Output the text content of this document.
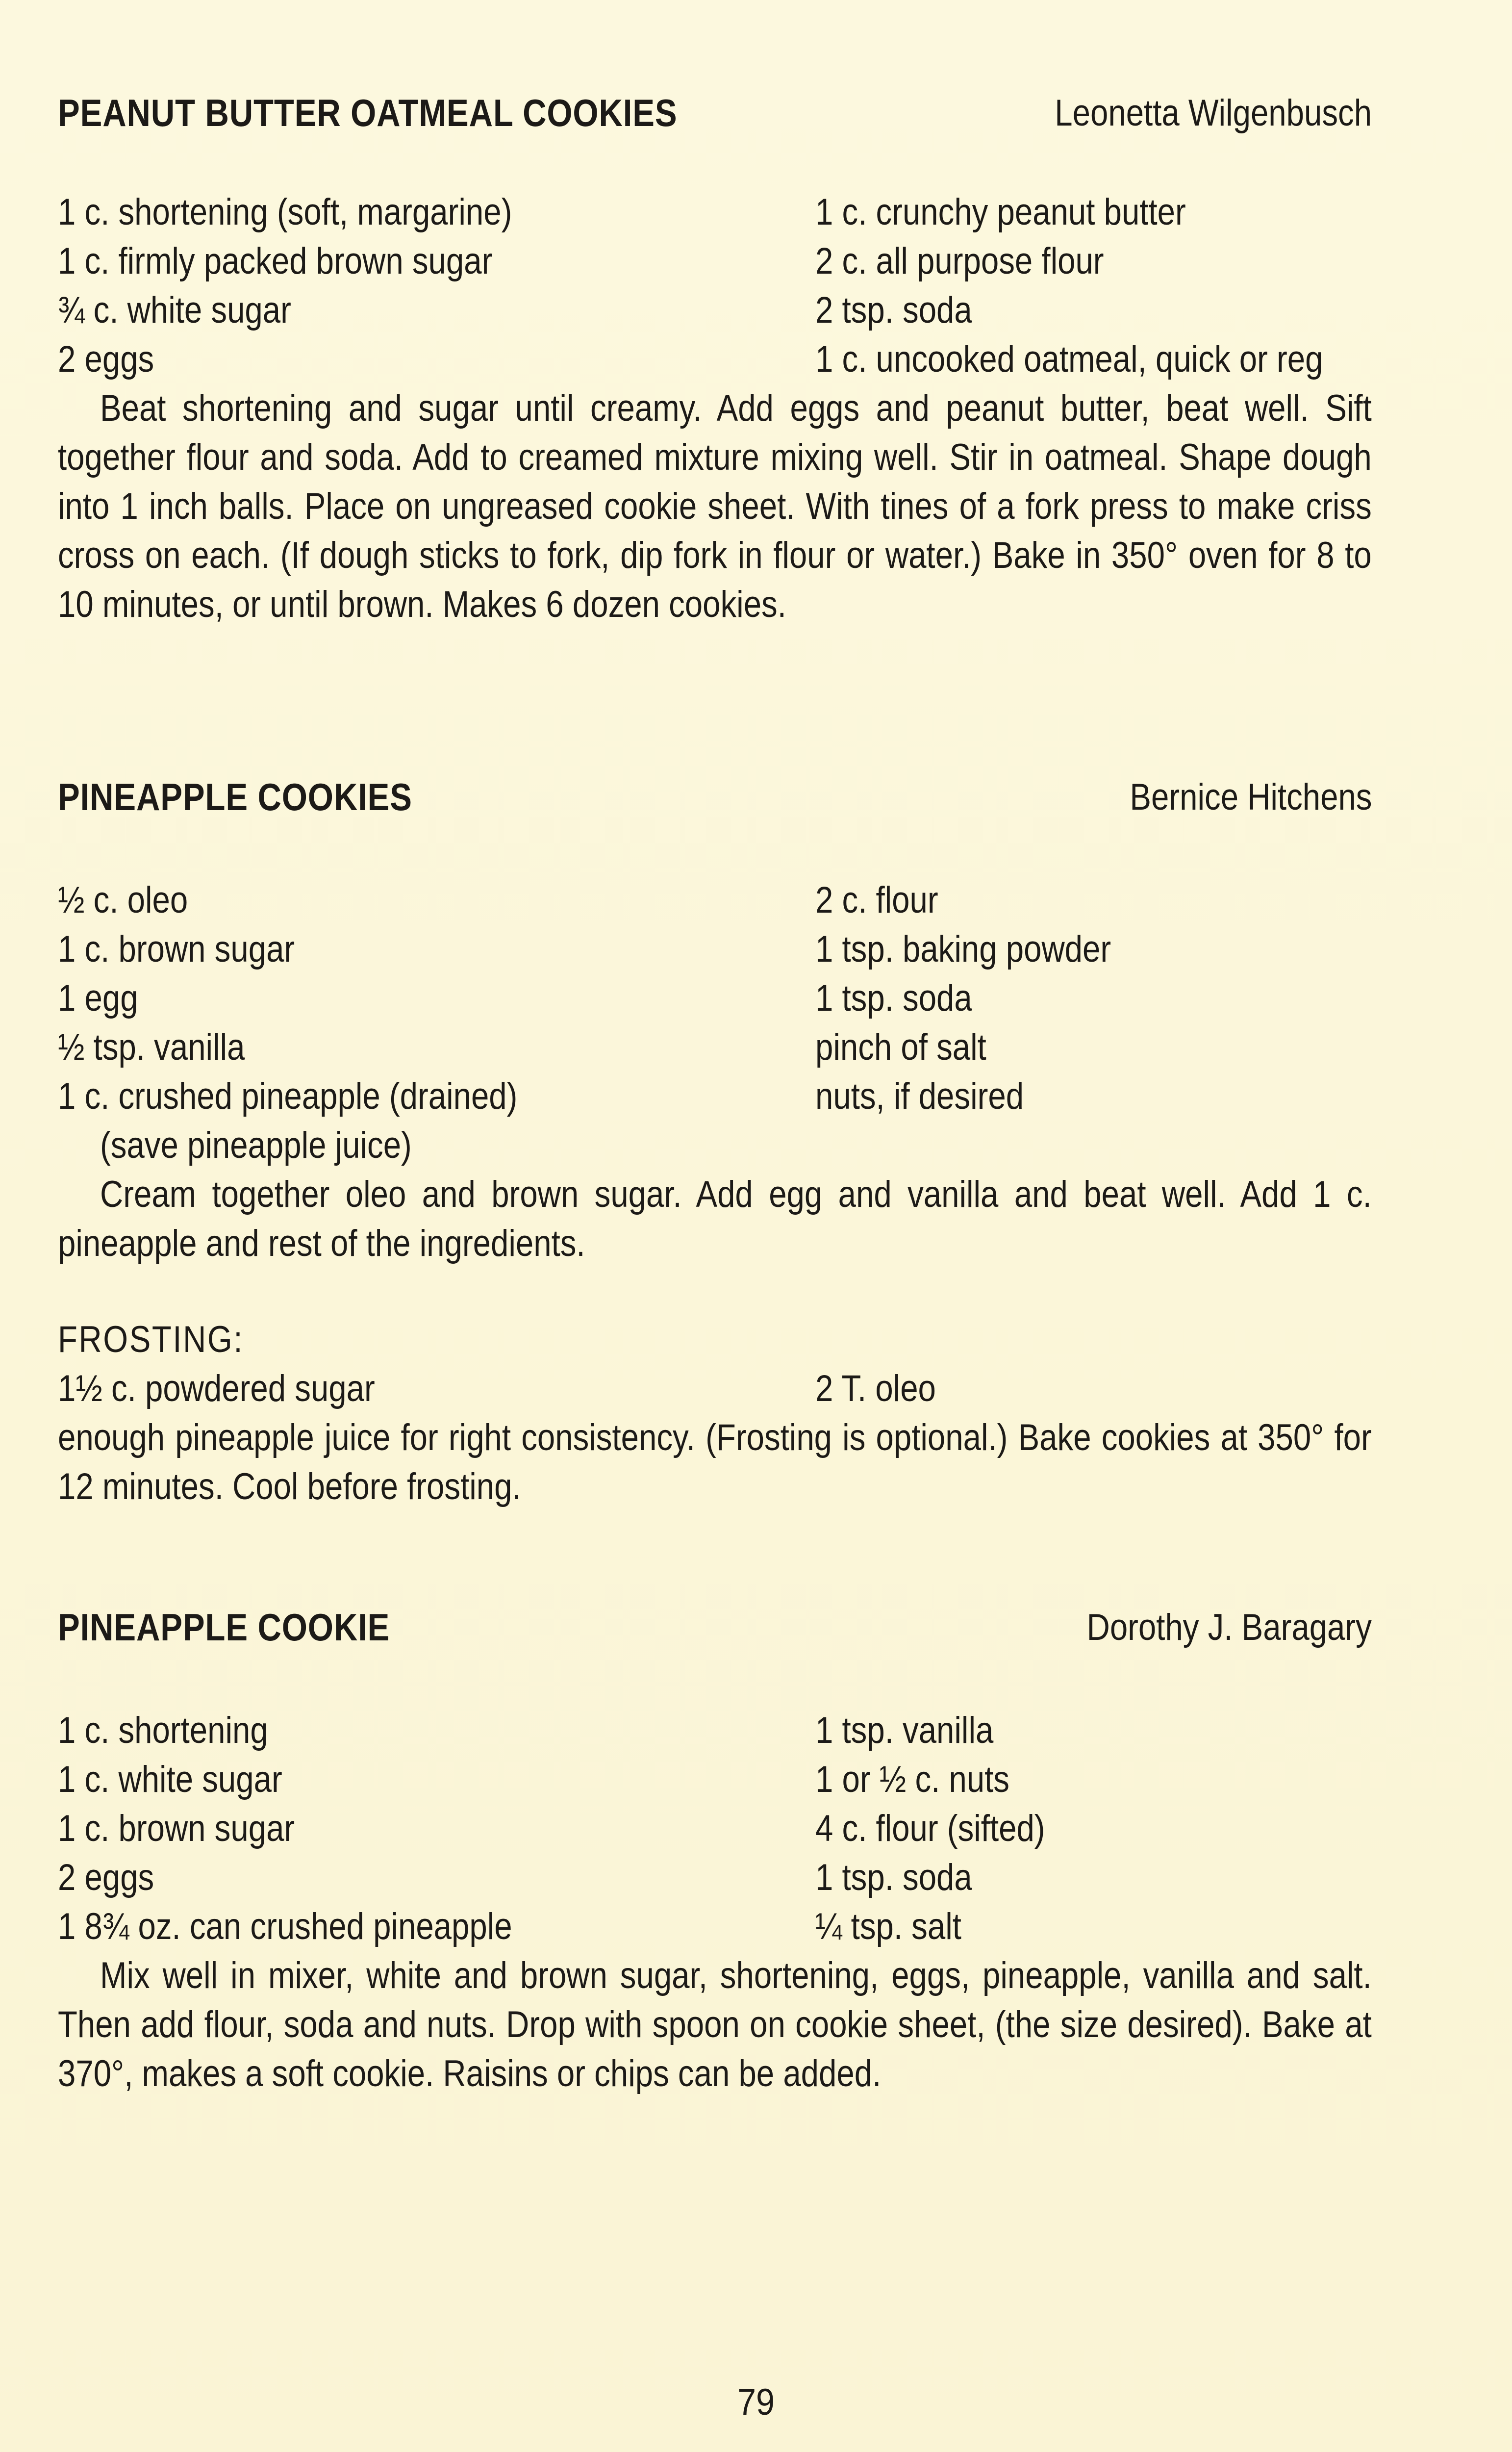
PEANUT BUTTER OATMEAL COOKIES	Leonetta Wilgenbusch
1 c. shortening (soft, margarine)	1 c. crunchy peanut butter
1 c. firmly packed brown sugar	2 c. all purpose flour
¾ c. white sugar	2 tsp. soda
2 eggs	1 c. uncooked oatmeal, quick or reg
Beat shortening and sugar until creamy. Add eggs and peanut butter, beat well. Sift together flour and soda. Add to creamed mixture mixing well. Stir in oatmeal. Shape dough into 1 inch balls. Place on ungreased cookie sheet. With tines of a fork press to make criss cross on each. (If dough sticks to fork, dip fork in flour or water.) Bake in 350° oven for 8 to 10 minutes, or until brown. Makes 6 dozen cookies.
PINEAPPLE COOKIES	Bernice Hitchens
½ c. oleo	2 c. flour
1 c. brown sugar	1 tsp. baking powder
1 egg	1 tsp. soda
½ tsp. vanilla	pinch of salt
1 c. crushed pineapple (drained)	nuts, if desired
(save pineapple juice)
Cream together oleo and brown sugar. Add egg and vanilla and beat well. Add 1 c. pineapple and rest of the ingredients.
FROSTING:
1½ c. powdered sugar	2 T. oleo
enough pineapple juice for right consistency. (Frosting is optional.) Bake cookies at 350° for 12 minutes. Cool before frosting.
PINEAPPLE COOKIE	Dorothy J. Baragary
1 c. shortening	1 tsp. vanilla
1 c. white sugar	1 or ½ c. nuts
1 c. brown sugar	4 c. flour (sifted)
2 eggs	1 tsp. soda
1 8¾ oz. can crushed pineapple	¼ tsp. salt
Mix well in mixer, white and brown sugar, shortening, eggs, pineapple, vanilla and salt. Then add flour, soda and nuts. Drop with spoon on cookie sheet, (the size desired). Bake at 370°, makes a soft cookie. Raisins or chips can be added.
79
